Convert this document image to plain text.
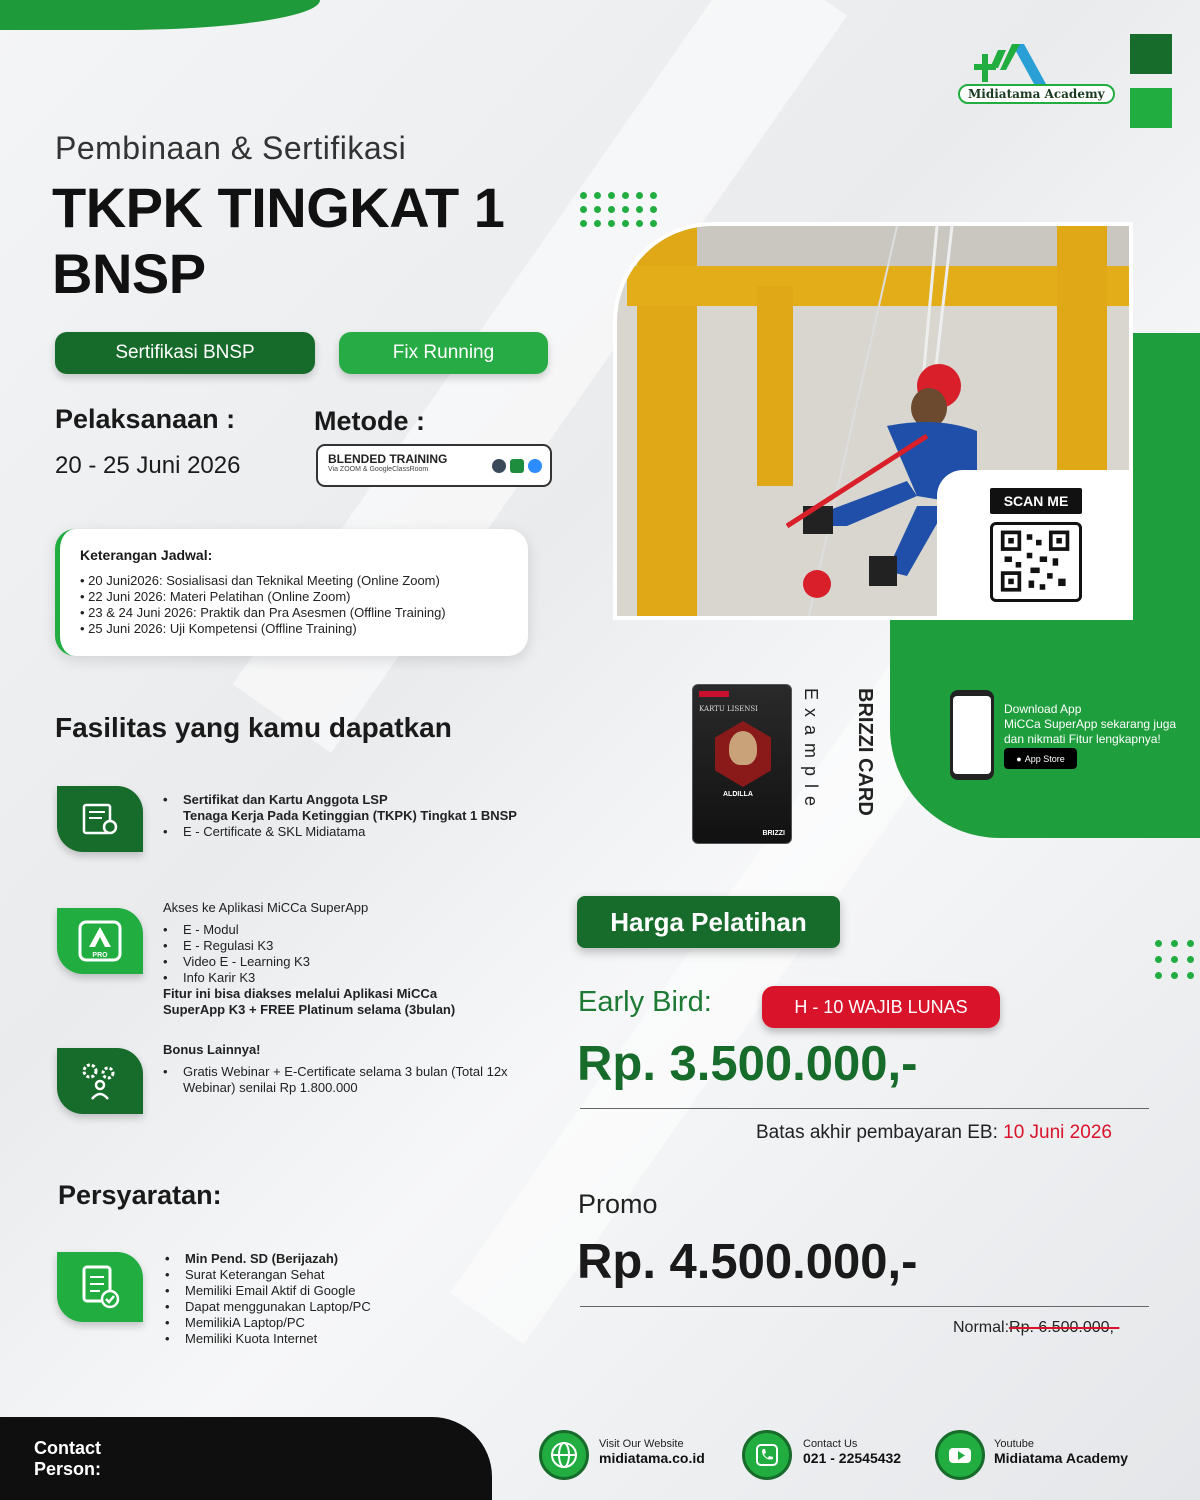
Midiatama Academy
Pembinaan & Sertifikasi
TKPK TINGKAT 1
BNSP
Sertifikasi BNSP	Fix Running
Pelaksanaan :
20 - 25 Juni 2026
Metode :
BLENDED TRAINING
Via ZOOM & GoogleClassRoom
Keterangan Jadwal:
• 20 Juni2026: Sosialisasi dan Teknikal Meeting (Online Zoom)
• 22 Juni 2026: Materi Pelatihan (Online Zoom)
• 23 & 24 Juni 2026: Praktik dan Pra Asesmen (Offline Training)
• 25 Juni 2026: Uji Kompetensi (Offline Training)
SCAN ME
Download App
MiCCa SuperApp sekarang juga
dan nikmati Fitur lengkapnya!
● App Store
KARTU LISENSI
ALDILLA
BRIZZI
Example	BRIZZI CARD
Fasilitas yang kamu dapatkan
• Sertifikat dan Kartu Anggota LSP
Tenaga Kerja Pada Ketinggian (TKPK) Tingkat 1 BNSP
• E - Certificate & SKL Midiatama
PRO
Akses ke Aplikasi MiCCa SuperApp
• E - Modul
• E - Regulasi K3
• Video E - Learning K3
• Info Karir K3
Fitur ini bisa diakses melalui Aplikasi MiCCa
SuperApp K3 + FREE Platinum selama (3bulan)
Bonus Lainnya!
• Gratis Webinar + E-Certificate selama 3 bulan (Total 12x
Webinar) senilai Rp 1.800.000
Persyaratan:
• Min Pend. SD (Berijazah)
• Surat Keterangan Sehat
• Memiliki Email Aktif di Google
• Dapat menggunakan Laptop/PC
• MemilikiA Laptop/PC
• Memiliki Kuota Internet
Harga Pelatihan
Early Bird:	H - 10 WAJIB LUNAS
Rp. 3.500.000,-
Batas akhir pembayaran EB: 10 Juni 2026
Promo
Rp. 4.500.000,-
Normal:Rp. 6.500.000,-
Contact
Person:
Visit Our Website
midiatama.co.id
Contact Us
021 - 22545432
Youtube
Midiatama Academy
